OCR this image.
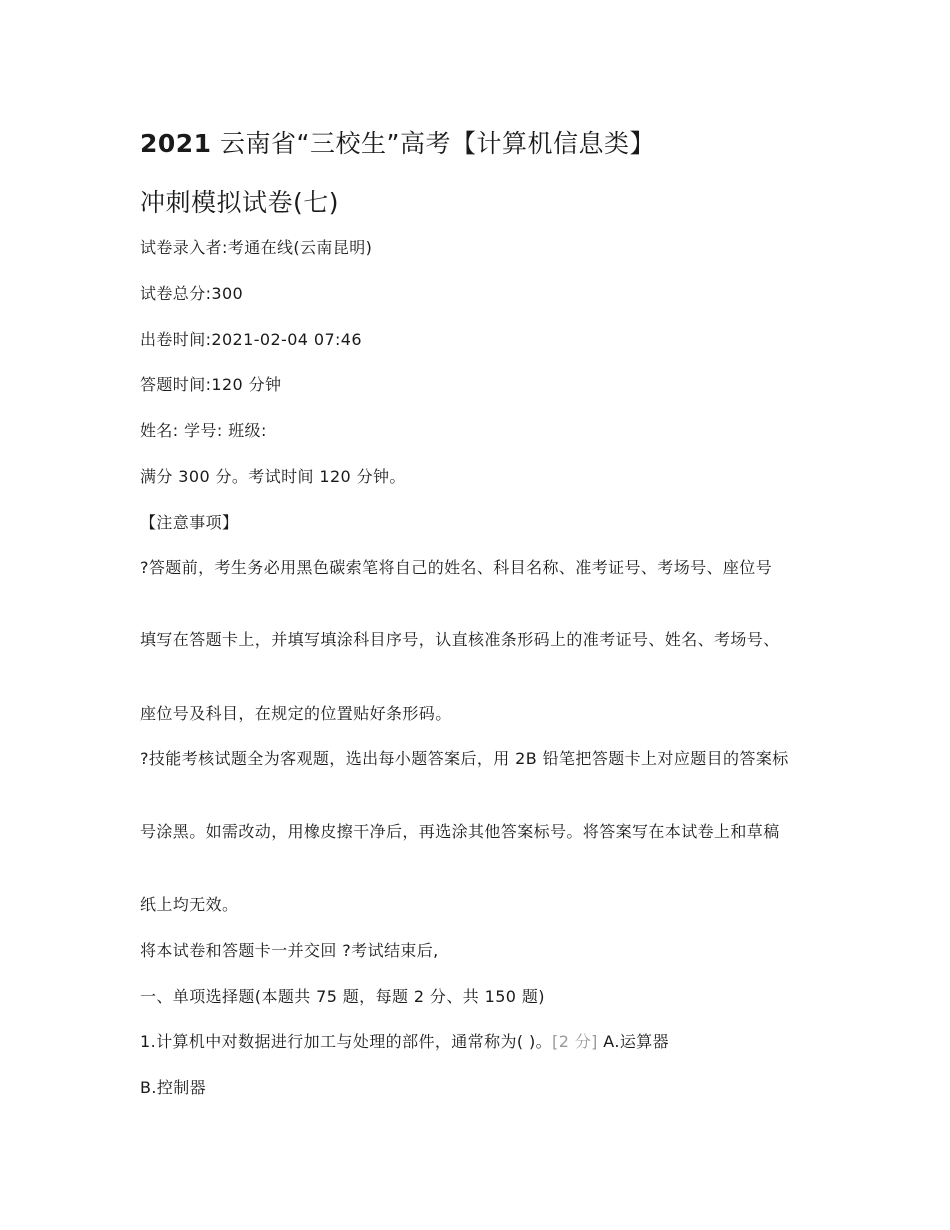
2021 云南省“三校生”高考【计算机信息类】
冲刺模拟试卷(七)
试卷录入者:考通在线(云南昆明)
试卷总分:300
出卷时间:2021-02-04 07:46
答题时间:120 分钟
姓名: 学号: 班级:
满分 300 分。考试时间 120 分钟。
【注意事项】
?答题前，考生务必用黑色碳索笔将自己的姓名、科目名称、准考证号、考场号、座位号
填写在答题卡上，并填写填涂科目序号，认直核准条形码上的准考证号、姓名、考场号、
座位号及科目，在规定的位置贴好条形码。
?技能考核试题全为客观题，选出每小题答案后，用 2B 铅笔把答题卡上对应题目的答案标
号涂黑。如需改动，用橡皮擦干净后，再选涂其他答案标号。将答案写在本试卷上和草稿
纸上均无效。
将本试卷和答题卡一并交回 ?考试结束后,
一、单项选择题(本题共 75 题，每题 2 分、共 150 题)
1.计算机中对数据进行加工与处理的部件，通常称为( )。[2 分] A.运算器
B.控制器
